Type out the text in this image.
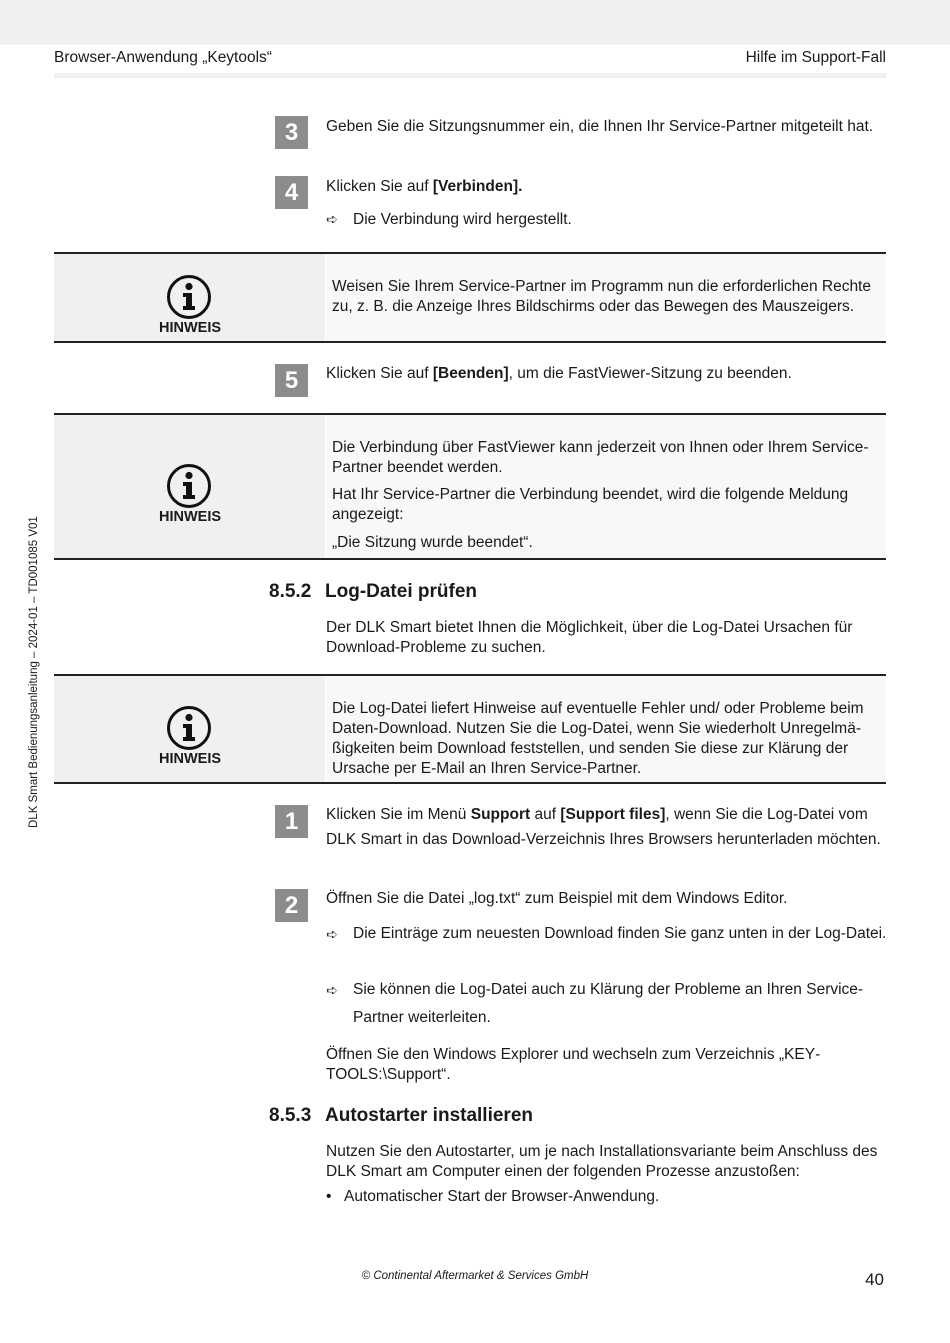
Browser-Anwendung „Keytools“	Hilfe im Support-Fall
3	Geben Sie die Sitzungsnummer ein, die Ihnen Ihr Service-Partner mitgeteilt hat.
4	Klicken Sie auf [Verbinden].
➪ Die Verbindung wird hergestellt.
HINWEIS
Weisen Sie Ihrem Service-Partner im Programm nun die erforderlichen Rechte zu, z. B. die Anzeige Ihres Bildschirms oder das Bewegen des Mauszeigers.
5	Klicken Sie auf [Beenden], um die FastViewer-Sitzung zu beenden.
HINWEIS
Die Verbindung über FastViewer kann jederzeit von Ihnen oder Ihrem Service-Partner beendet werden.
Hat Ihr Service-Partner die Verbindung beendet, wird die folgende Meldung angezeigt:
„Die Sitzung wurde beendet“.
8.5.2 Log-Datei prüfen
Der DLK Smart bietet Ihnen die Möglichkeit, über die Log-Datei Ursachen für Download-Probleme zu suchen.
HINWEIS
Die Log-Datei liefert Hinweise auf eventuelle Fehler und/ oder Probleme beim Daten-Download. Nutzen Sie die Log-Datei, wenn Sie wiederholt Unregelmäßigkeiten beim Download feststellen, und senden Sie diese zur Klärung der Ursache per E-Mail an Ihren Service-Partner.
1	Klicken Sie im Menü Support auf [Support files], wenn Sie die Log-Datei vom DLK Smart in das Download-Verzeichnis Ihres Browsers herunterladen möchten.
2	Öffnen Sie die Datei „log.txt“ zum Beispiel mit dem Windows Editor.
➪ Die Einträge zum neuesten Download finden Sie ganz unten in der Log-Datei.
➪ Sie können die Log-Datei auch zu Klärung der Probleme an Ihren Service-Partner weiterleiten.
Öffnen Sie den Windows Explorer und wechseln zum Verzeichnis „KEYTOOLS:\Support“.
8.5.3 Autostarter installieren
Nutzen Sie den Autostarter, um je nach Installationsvariante beim Anschluss des DLK Smart am Computer einen der folgenden Prozesse anzustoßen:
• Automatischer Start der Browser-Anwendung.
DLK Smart Bedienungsanleitung – 2024-01 – TD001085 V01
© Continental Aftermarket & Services GmbH	40
